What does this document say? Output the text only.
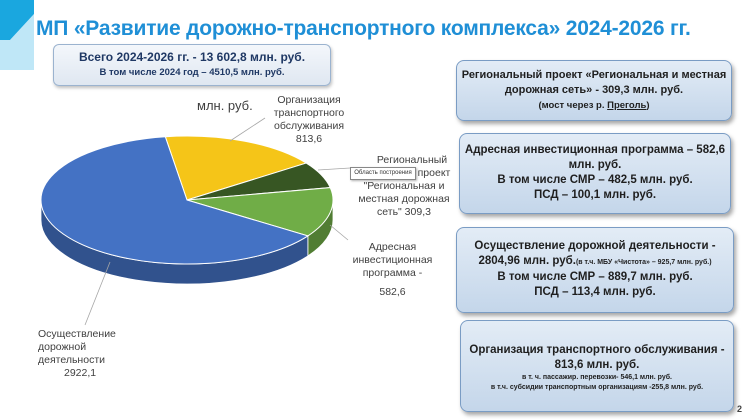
МП «Развитие дорожно-транспортного комплекса» 2024-2026 гг.
Всего 2024-2026 гг. - 13 602,8 млн. руб.
В том числе 2024 год – 4510,5 млн. руб.
млн. руб.	Организация
транспортного
обслуживания
813,6
Региональный
проект
"Региональная и
местная дорожная
сеть" 309,3
Область построения
Адресная
инвестиционная
программа -
582,6
Осуществление
дорожной
деятельности
2922,1
Региональный проект «Региональная и местная
дорожная сеть» - 309,3 млн. руб.
(мост через р. Преголь)
Адресная инвестиционная программа – 582,6
млн. руб.
В том числе СМР – 482,5 млн. руб.
ПСД – 100,1 млн. руб.
Осуществление дорожной деятельности -
2804,96 млн. руб.(в т.ч. МБУ «Чистота» – 925,7 млн. руб.)
В том числе СМР – 889,7 млн. руб.
ПСД – 113,4 млн. руб.
Организация транспортного обслуживания -
813,6 млн. руб.
в т. ч. пассажир. перевозки- 546,1 млн. руб.
в т.ч. субсидии транспортным организациям -255,8 млн. руб.
2
